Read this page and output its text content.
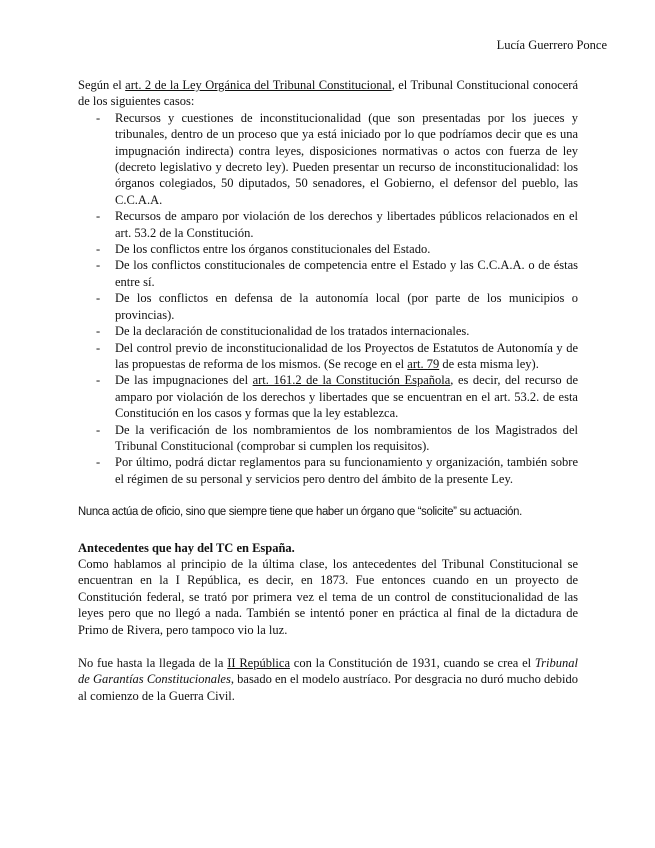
Lucía Guerrero Ponce

Según el art. 2 de la Ley Orgánica del Tribunal Constitucional, el Tribunal Constitucional conocerá de los siguientes casos:

- Recursos y cuestiones de inconstitucionalidad (que son presentadas por los jueces y tribunales, dentro de un proceso que ya está iniciado por lo que podríamos decir que es una impugnación indirecta) contra leyes, disposiciones normativas o actos con fuerza de ley (decreto legislativo y decreto ley). Pueden presentar un recurso de inconstitucionalidad: los órganos colegiados, 50 diputados, 50 senadores, el Gobierno, el defensor del pueblo, las C.C.A.A.
- Recursos de amparo por violación de los derechos y libertades públicos relacionados en el art. 53.2 de la Constitución.
- De los conflictos entre los órganos constitucionales del Estado.
- De los conflictos constitucionales de competencia entre el Estado y las C.C.A.A. o de éstas entre sí.
- De los conflictos en defensa de la autonomía local (por parte de los municipios o provincias).
- De la declaración de constitucionalidad de los tratados internacionales.
- Del control previo de inconstitucionalidad de los Proyectos de Estatutos de Autonomía y de las propuestas de reforma de los mismos. (Se recoge en el art. 79 de esta misma ley).
- De las impugnaciones del art. 161.2 de la Constitución Española, es decir, del recurso de amparo por violación de los derechos y libertades que se encuentran en el art. 53.2. de esta Constitución en los casos y formas que la ley establezca.
- De la verificación de los nombramientos de los nombramientos de los Magistrados del Tribunal Constitucional (comprobar si cumplen los requisitos).
- Por último, podrá dictar reglamentos para su funcionamiento y organización, también sobre el régimen de su personal y servicios pero dentro del ámbito de la presente Ley.

Nunca actúa de oficio, sino que siempre tiene que haber un órgano que “solicite” su actuación.

Antecedentes que hay del TC en España.

Como hablamos al principio de la última clase, los antecedentes del Tribunal Constitucional se encuentran en la I República, es decir, en 1873. Fue entonces cuando en un proyecto de Constitución federal, se trató por primera vez el tema de un control de constitucionalidad de las leyes pero que no llegó a nada. También se intentó poner en práctica al final de la dictadura de Primo de Rivera, pero tampoco vio la luz.

No fue hasta la llegada de la II República con la Constitución de 1931, cuando se crea el Tribunal de Garantías Constitucionales, basado en el modelo austríaco. Por desgracia no duró mucho debido al comienzo de la Guerra Civil.
